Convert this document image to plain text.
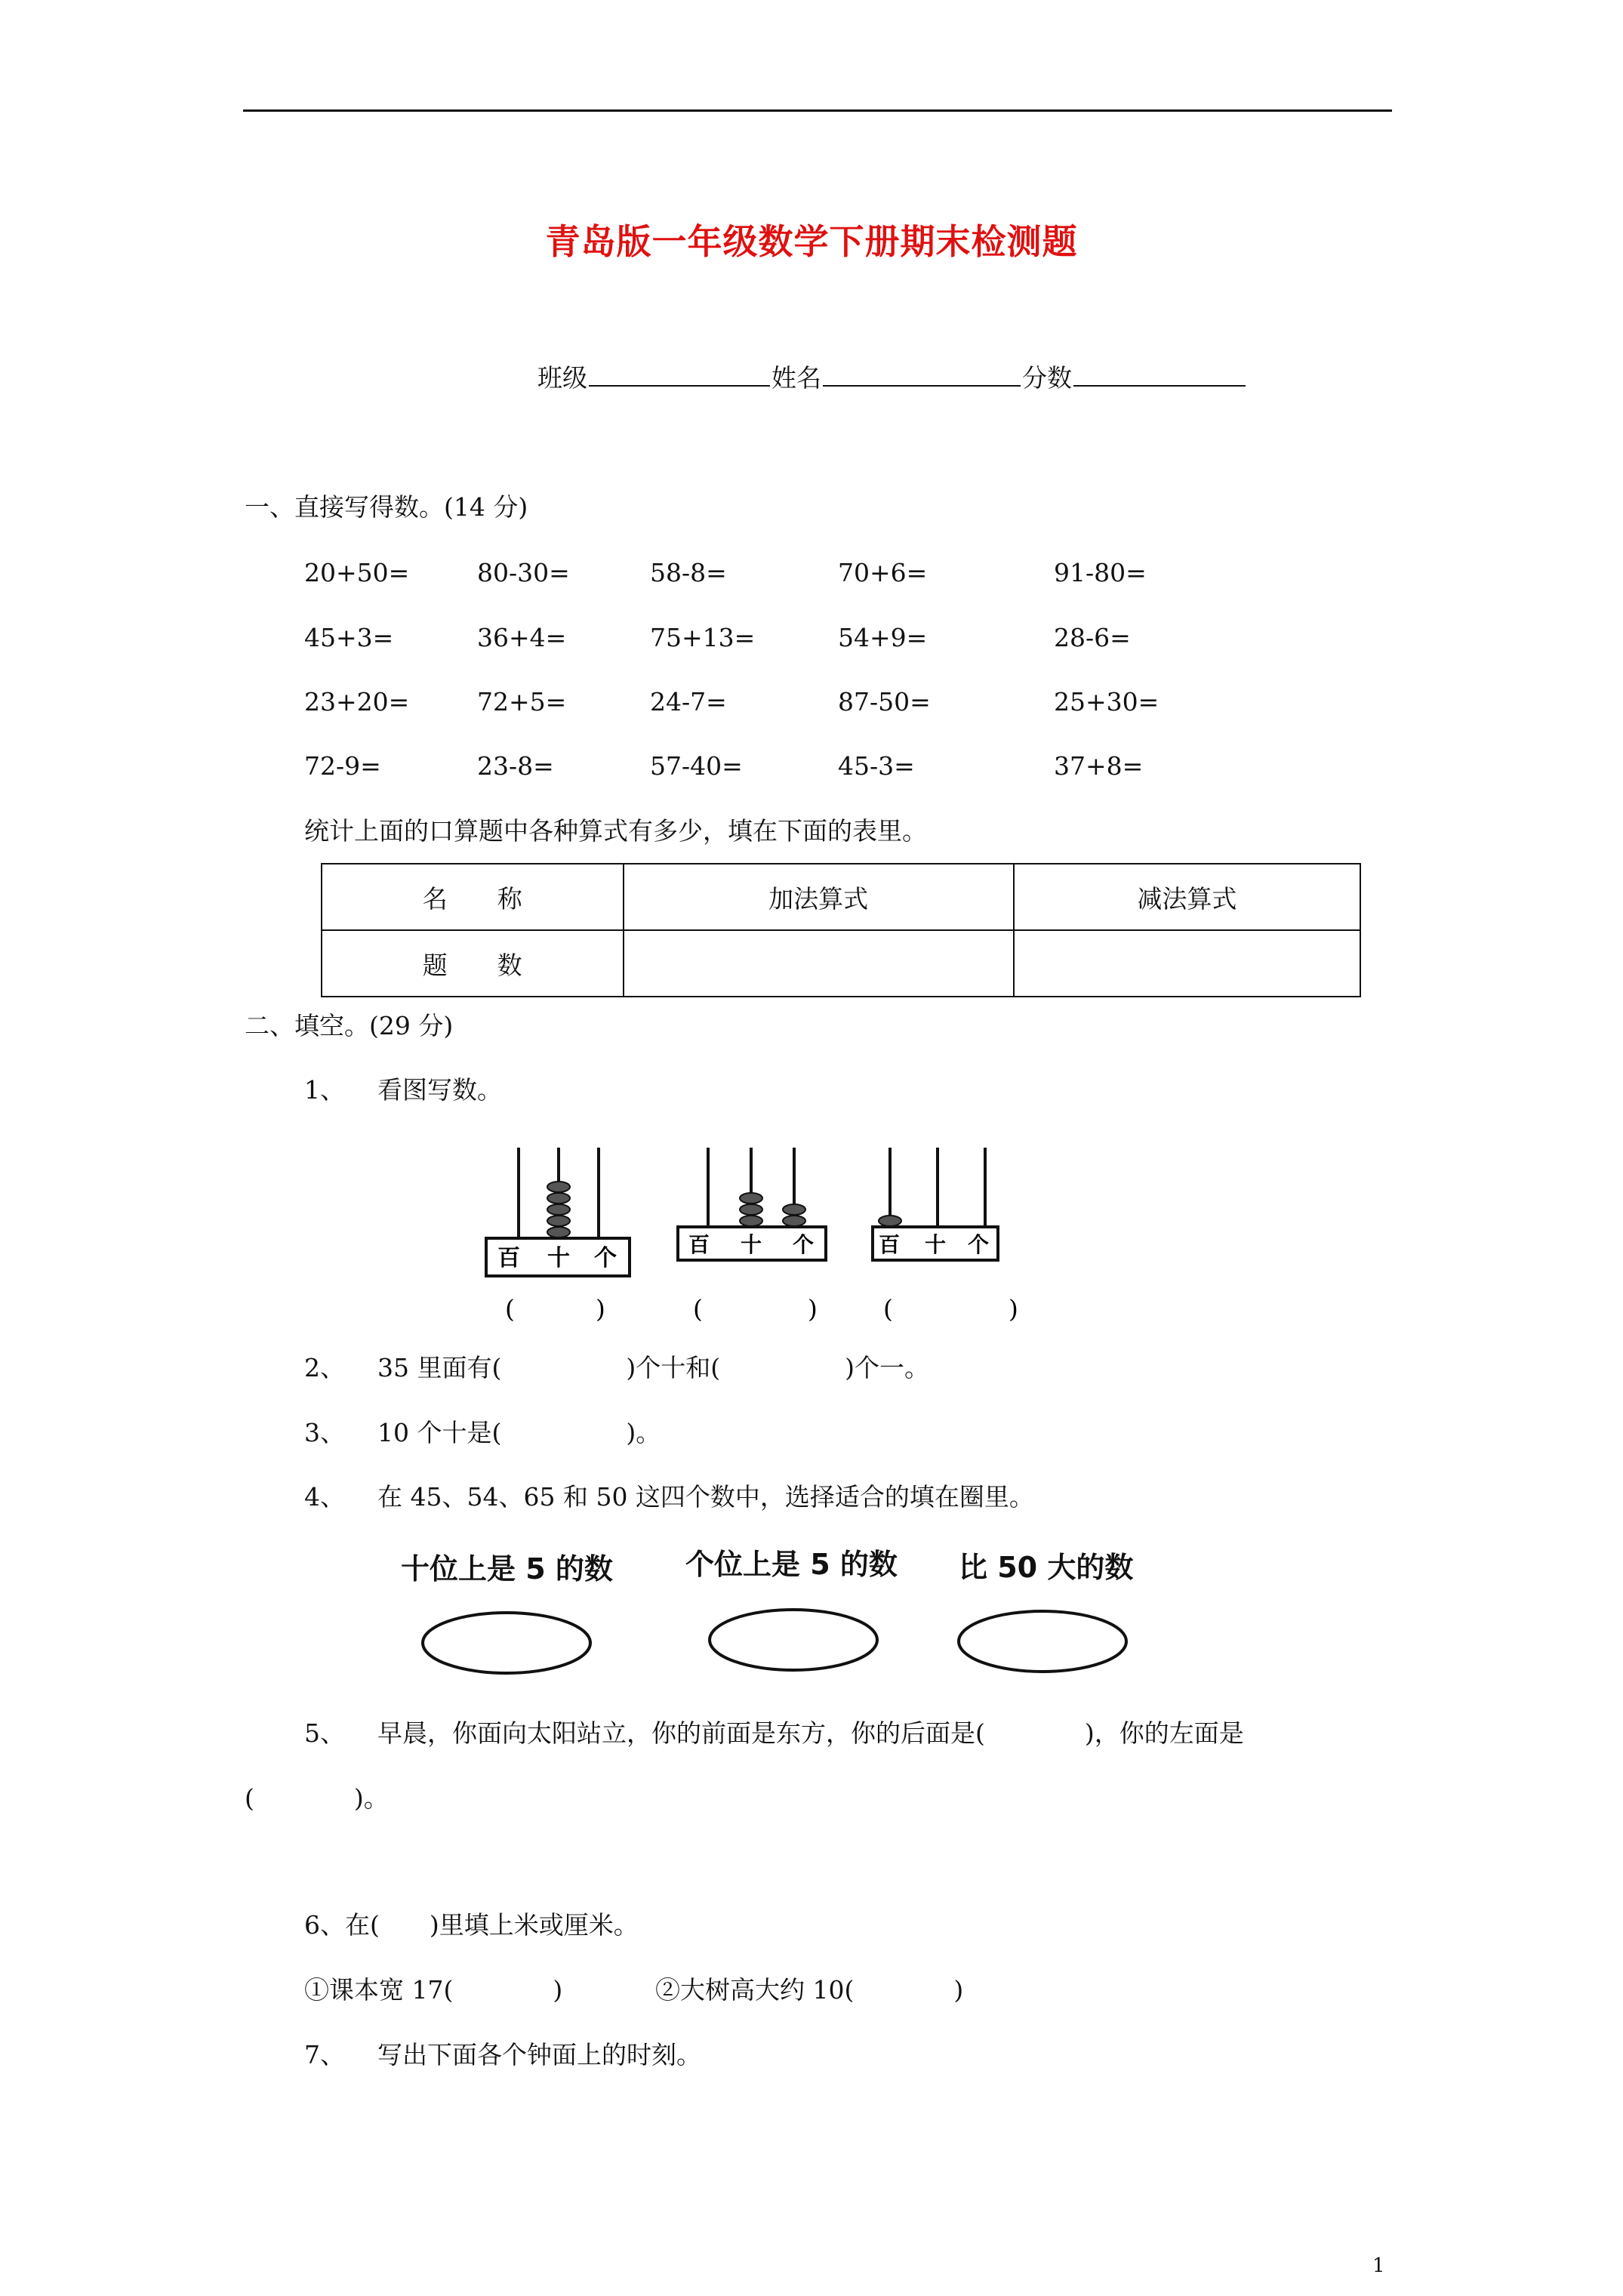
青岛版一年级数学下册期末检测题
班级	姓名	分数
一、直接写得数。(14 分)
20+50=	80-30=	58-8=	70+6=	91-80=
45+3=	36+4=	75+13=	54+9=	28-6=
23+20=	72+5=	24-7=	87-50=	25+30=
72-9=	23-8=	57-40=	45-3=	37+8=
统计上面的口算题中各种算式有多少，填在下面的表里。
名　　称	加法算式	减法算式
题　　数		
二、填空。(29 分)
1、 看图写数。
百 十 个
(	)
百 十 个
(	)
百 十 个
(	)
2、 35 里面有(　　　　　)个十和(　　　　　)个一。
3、 10 个十是(　　　　　)。
4、 在 45、54、65 和 50 这四个数中，选择适合的填在圈里。
十位上是 5 的数	个位上是 5 的数 比 50 大的数
5、 早晨，你面向太阳站立，你的前面是东方，你的后面是(　　　　)，你的左面是
(　　　　)。
6、在(　　)里填上米或厘米。
①课本宽 17(　　　　)	②大树高大约 10(　　　　)
7、 写出下面各个钟面上的时刻。
1
